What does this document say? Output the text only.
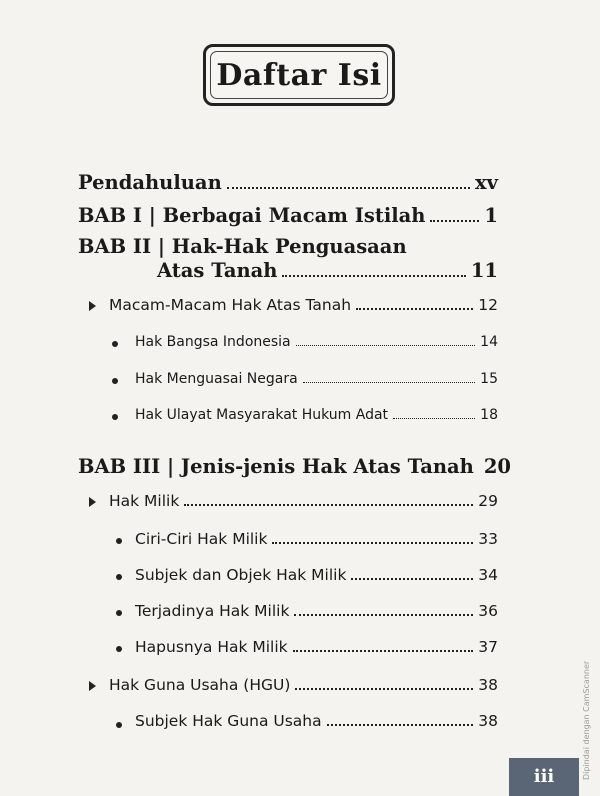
Daftar Isi
Pendahuluan	xv
BAB I | Berbagai Macam Istilah	1
BAB II | Hak-Hak Penguasaan
Atas Tanah	11
Macam-Macam Hak Atas Tanah	12
Hak Bangsa Indonesia	14
Hak Menguasai Negara	15
Hak Ulayat Masyarakat Hukum Adat	18
BAB III | Jenis-jenis Hak Atas Tanah 20
Hak Milik	29
Ciri-Ciri Hak Milik	33
Subjek dan Objek Hak Milik	34
Terjadinya Hak Milik	36
Hapusnya Hak Milik	37
Hak Guna Usaha (HGU)	38
Subjek Hak Guna Usaha	38
iii	Dipindai dengan CamScanner
